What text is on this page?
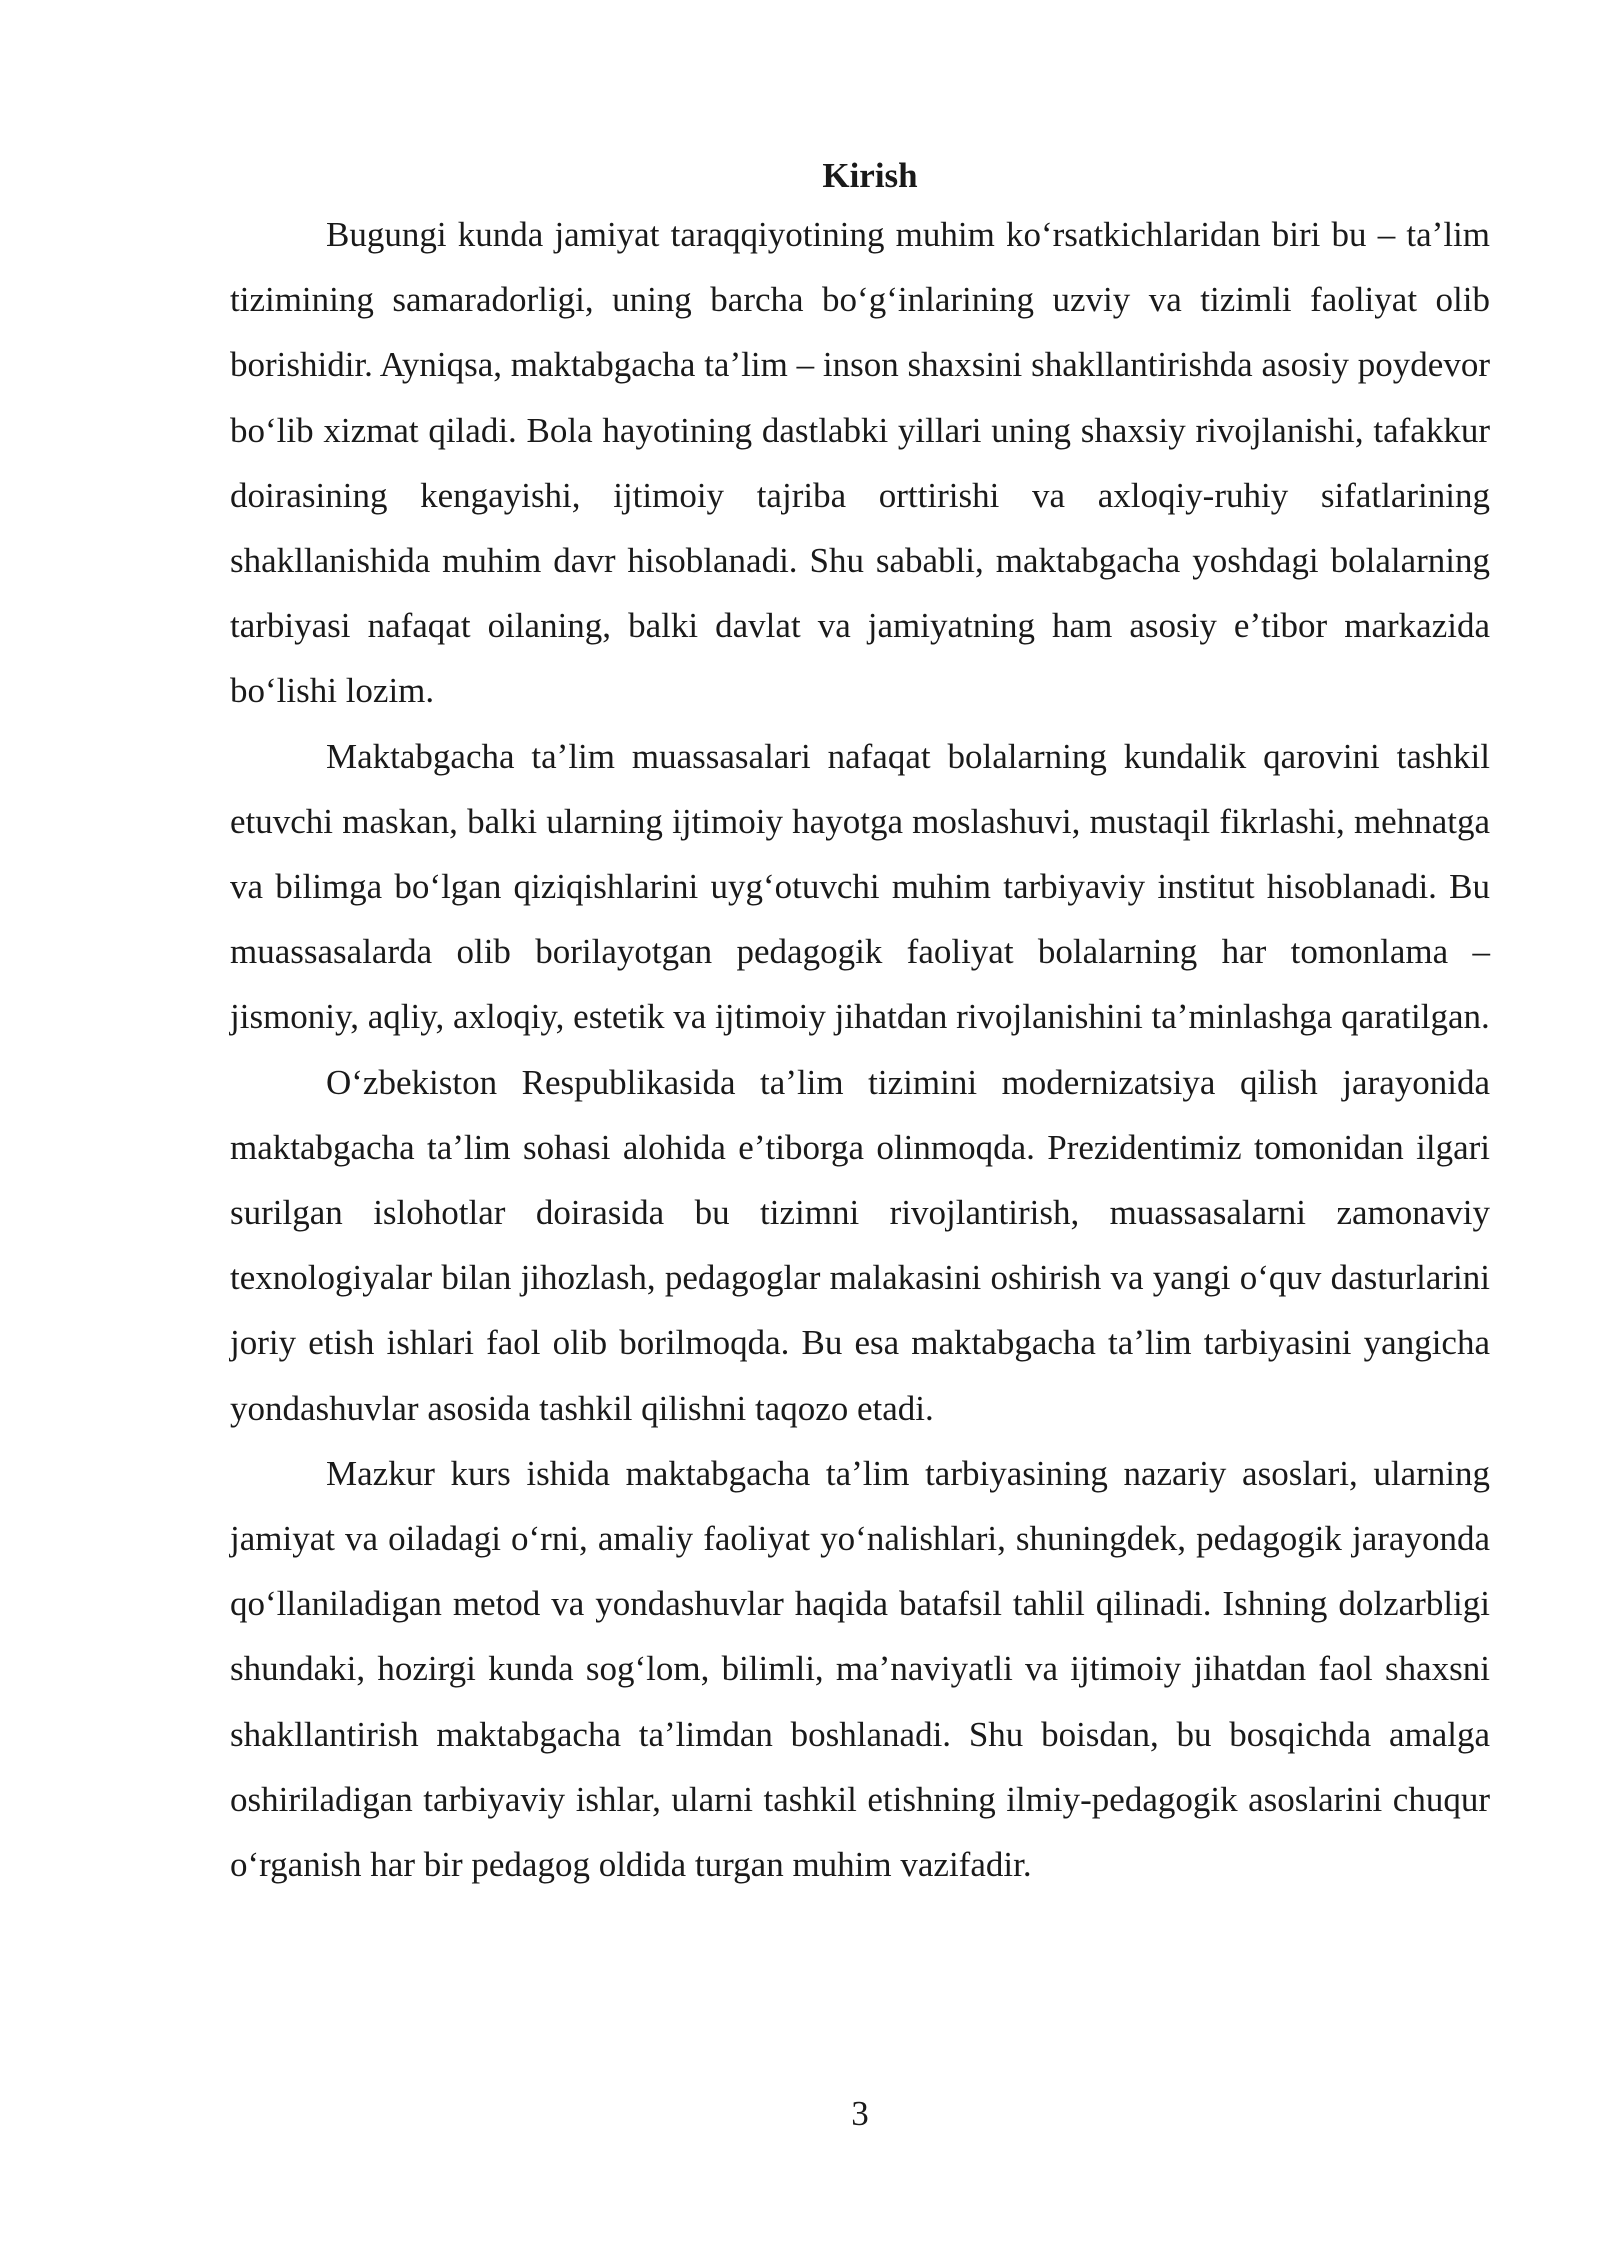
Kirish

Bugungi kunda jamiyat taraqqiyotining muhim koʻrsatkichlaridan biri bu – taʼlim tizimining samaradorligi, uning barcha boʻgʻinlarining uzviy va tizimli faoliyat olib borishidir. Ayniqsa, maktabgacha taʼlim – inson shaxsini shakllantirishda asosiy poydevor boʻlib xizmat qiladi. Bola hayotining dastlabki yillari uning shaxsiy rivojlanishi, tafakkur doirasining kengayishi, ijtimoiy tajriba orttirishi va axloqiy-ruhiy sifatlarining shakllanishida muhim davr hisoblanadi. Shu sababli, maktabgacha yoshdagi bolalarning tarbiyasi nafaqat oilaning, balki davlat va jamiyatning ham asosiy eʼtibor markazida boʻlishi lozim.

Maktabgacha taʼlim muassasalari nafaqat bolalarning kundalik qarovini tashkil etuvchi maskan, balki ularning ijtimoiy hayotga moslashuvi, mustaqil fikrlashi, mehnatga va bilimga boʻlgan qiziqishlarini uygʻotuvchi muhim tarbiyaviy institut hisoblanadi. Bu muassasalarda olib borilayotgan pedagogik faoliyat bolalarning har tomonlama – jismoniy, aqliy, axloqiy, estetik va ijtimoiy jihatdan rivojlanishini taʼminlashga qaratilgan.

Oʻzbekiston Respublikasida taʼlim tizimini modernizatsiya qilish jarayonida maktabgacha taʼlim sohasi alohida eʼtiborga olinmoqda. Prezidentimiz tomonidan ilgari surilgan islohotlar doirasida bu tizimni rivojlantirish, muassasalarni zamonaviy texnologiyalar bilan jihozlash, pedagoglar malakasini oshirish va yangi oʻquv dasturlarini joriy etish ishlari faol olib borilmoqda. Bu esa maktabgacha taʼlim tarbiyasini yangicha yondashuvlar asosida tashkil qilishni taqozo etadi.

Mazkur kurs ishida maktabgacha taʼlim tarbiyasining nazariy asoslari, ularning jamiyat va oiladagi oʻrni, amaliy faoliyat yoʻnalishlari, shuningdek, pedagogik jarayonda qoʻllaniladigan metod va yondashuvlar haqida batafsil tahlil qilinadi. Ishning dolzarbligi shundaki, hozirgi kunda sogʻlom, bilimli, maʼnaviyatli va ijtimoiy jihatdan faol shaxsni shakllantirish maktabgacha taʼlimdan boshlanadi. Shu boisdan, bu bosqichda amalga oshiriladigan tarbiyaviy ishlar, ularni tashkil etishning ilmiy-pedagogik asoslarini chuqur oʻrganish har bir pedagog oldida turgan muhim vazifadir.

3
